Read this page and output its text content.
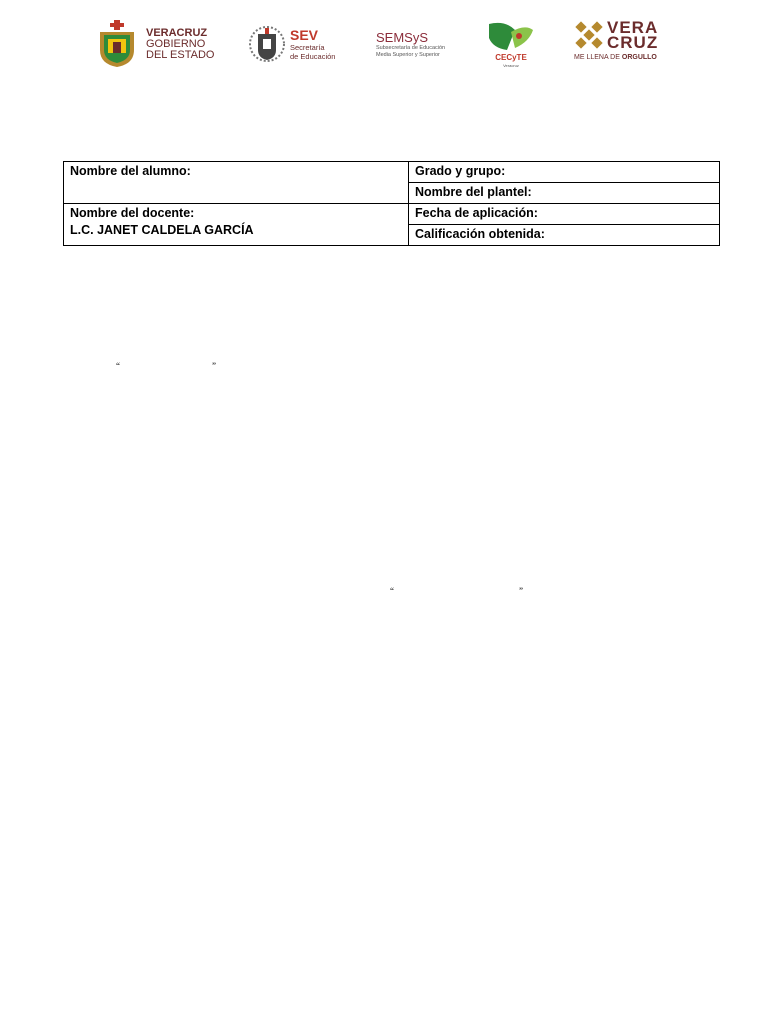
VERACRUZ
GOBIERNO
DEL ESTADO
SEV
Secretaría
de Educación
SEMSyS
Subsecretaría de Educación
Media Superior y Superior	CECyTE
Veracruz
VERA
CRUZ
ME LLENA DE ORGULLO
Nombre del alumno:	Grado y grupo:
	Nombre del plantel:

Nombre del docente:
L.C. JANET CALDELA GARCÍA	Fecha de aplicación:
	Calificación obtenida:
“	”
“	”
